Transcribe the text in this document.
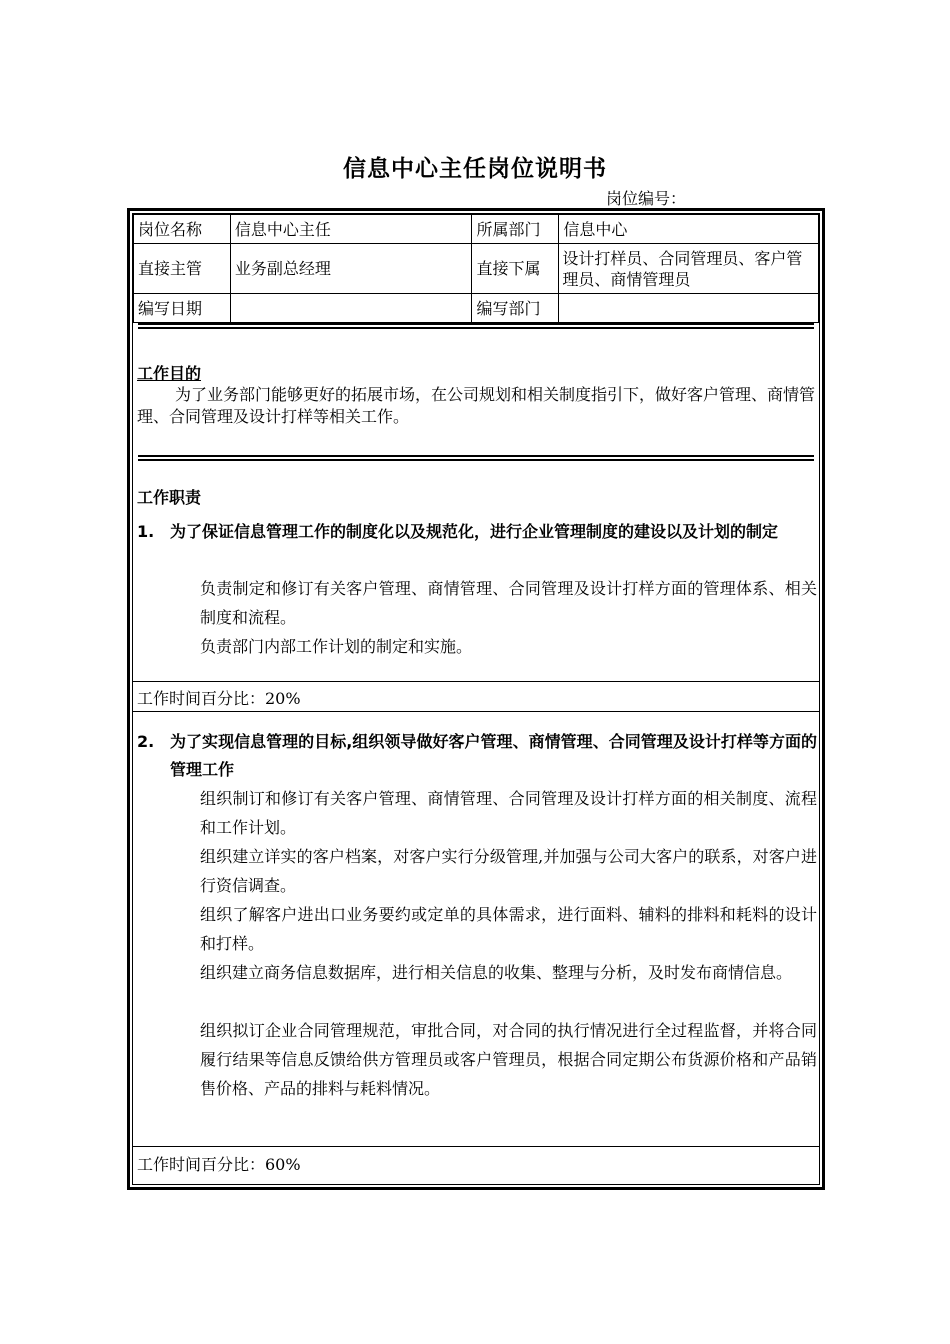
信息中心主任岗位说明书
岗位编号：
岗位名称	信息中心主任	所属部门	信息中心
直接主管	业务副总经理	直接下属	设计打样员、合同管理员、客户管理员、商情管理员
编写日期		编写部门	
工作目的
为了业务部门能够更好的拓展市场，在公司规划和相关制度指引下，做好客户管理、商情管理、合同管理及设计打样等相关工作。
工作职责
1. 为了保证信息管理工作的制度化以及规范化，进行企业管理制度的建设以及计划的制定
负责制定和修订有关客户管理、商情管理、合同管理及设计打样方面的管理体系、相关制度和流程。
负责部门内部工作计划的制定和实施。
工作时间百分比：20%
2. 为了实现信息管理的目标,组织领导做好客户管理、商情管理、合同管理及设计打样等方面的管理工作
组织制订和修订有关客户管理、商情管理、合同管理及设计打样方面的相关制度、流程和工作计划。
组织建立详实的客户档案，对客户实行分级管理,并加强与公司大客户的联系，对客户进行资信调查。
组织了解客户进出口业务要约或定单的具体需求，进行面料、辅料的排料和耗料的设计和打样。
组织建立商务信息数据库，进行相关信息的收集、整理与分析，及时发布商情信息。
组织拟订企业合同管理规范，审批合同，对合同的执行情况进行全过程监督，并将合同履行结果等信息反馈给供方管理员或客户管理员，根据合同定期公布货源价格和产品销售价格、产品的排料与耗料情况。
工作时间百分比：60%
